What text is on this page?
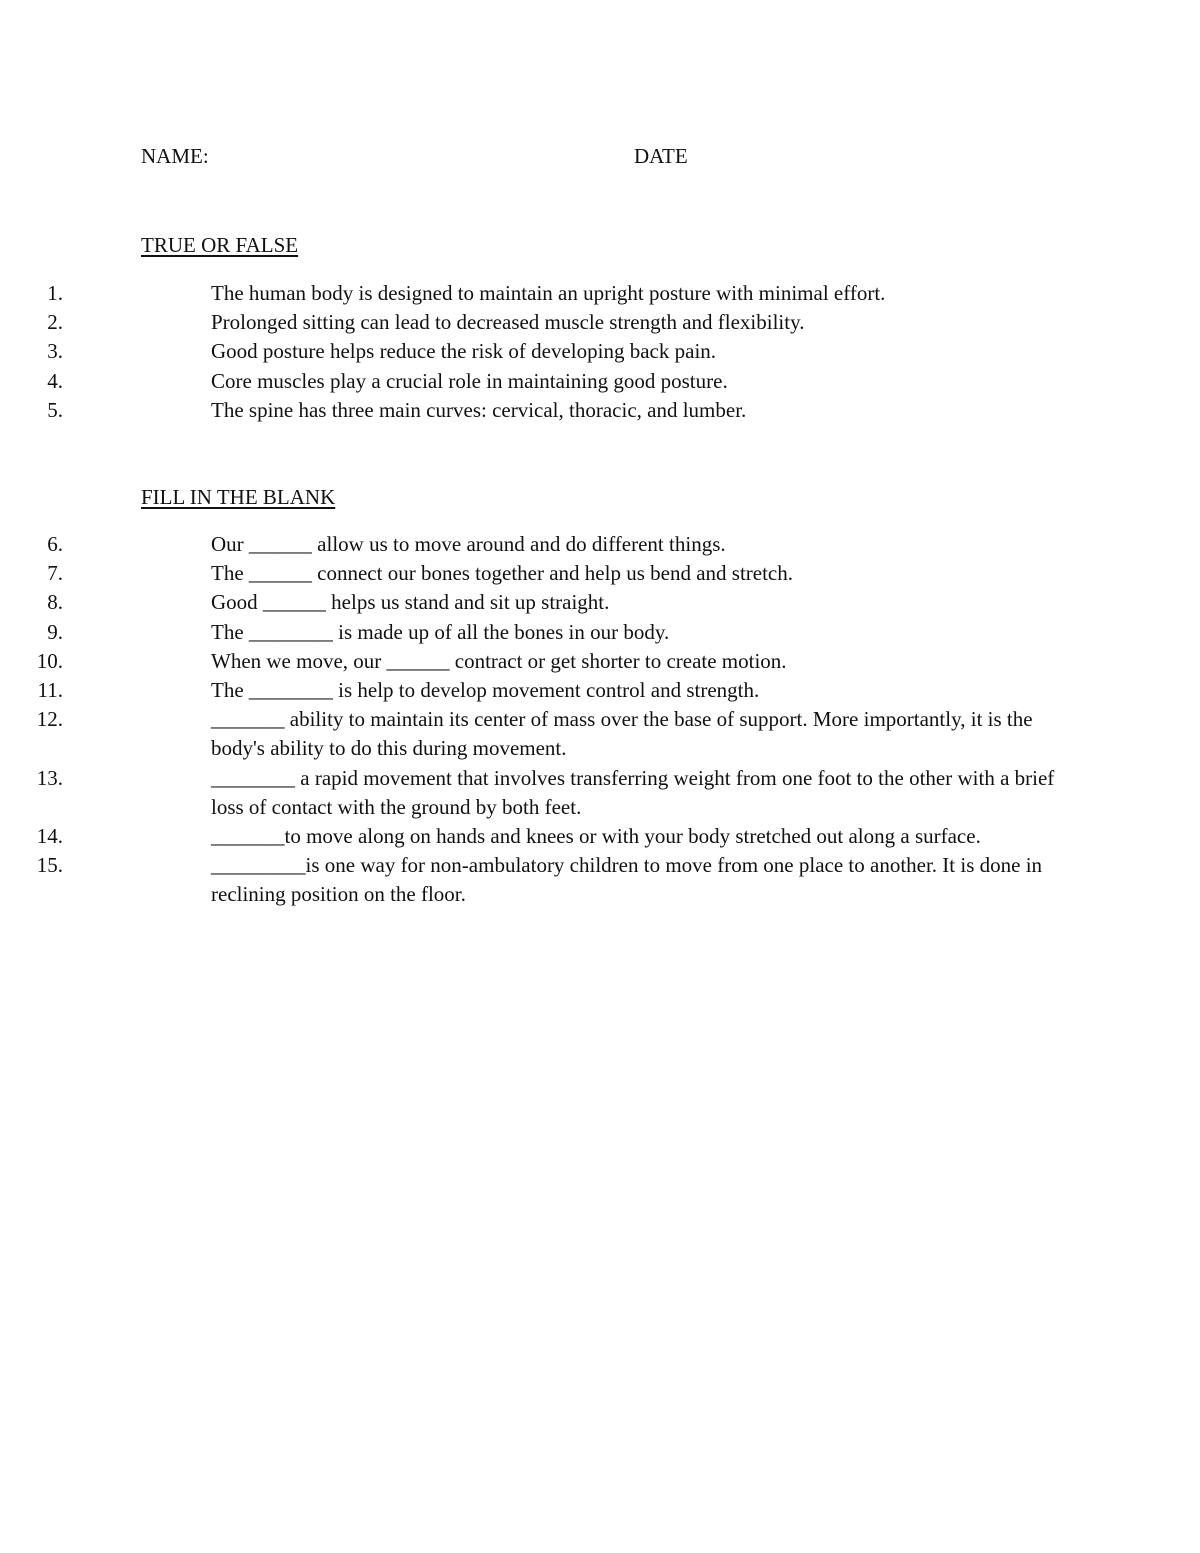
NAME:	DATE
TRUE OR FALSE
1.	The human body is designed to maintain an upright posture with minimal effort.
2.	Prolonged sitting can lead to decreased muscle strength and flexibility.
3.	Good posture helps reduce the risk of developing back pain.
4.	Core muscles play a crucial role in maintaining good posture.
5.	The spine has three main curves: cervical, thoracic, and lumber.
FILL IN THE BLANK
6.	Our ______ allow us to move around and do different things.
7.	The ______ connect our bones together and help us bend and stretch.
8.	Good ______ helps us stand and sit up straight.
9.	The ________ is made up of all the bones in our body.
10.	When we move, our ______ contract or get shorter to create motion.
11.	The ________ is help to develop movement control and strength.
12.	_______ ability to maintain its center of mass over the base of support. More importantly, it is the body's ability to do this during movement.
13.	________ a rapid movement that involves transferring weight from one foot to the other with a brief loss of contact with the ground by both feet.
14.	_______to move along on hands and knees or with your body stretched out along a surface.
15.	_________is one way for non-ambulatory children to move from one place to another. It is done in reclining position on the floor.
